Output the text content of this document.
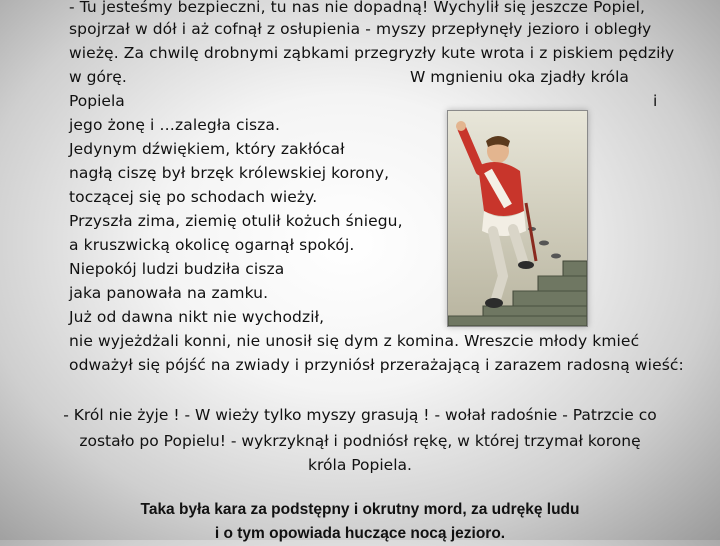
- Tu jesteśmy bezpieczni, tu nas nie dopadną! Wychylił się jeszcze Popiel,
spojrzał w dół i aż cofnął z osłupienia - myszy przepłynęły jezioro i obległy
wieżę. Za chwilę drobnymi ząbkami przegryzły kute wrota i z piskiem pędziły
w górę.	W mgnieniu oka zjadły króla
Popiela	i
jego żonę i …zaległa cisza.
Jedynym dźwiękiem, który zakłócał
nagłą ciszę był brzęk królewskiej korony,
toczącej się po schodach wieży.
Przyszła zima, ziemię otulił kożuch śniegu,
a kruszwicką okolicę ogarnął spokój.
Niepokój ludzi budziła cisza
jaka panowała na zamku.
Już od dawna nikt nie wychodził,
nie wyjeżdżali konni, nie unosił się dym z komina. Wreszcie młody kmieć
odważył się pójść na zwiady i przyniósł przerażającą i zarazem radosną wieść:
- Król nie żyje ! - W wieży tylko myszy grasują ! - wołał radośnie - Patrzcie co
zostało po Popielu! - wykrzyknął i podniósł rękę, w której trzymał koronę
króla Popiela.
Taka była kara za podstępny i okrutny mord, za udrękę ludu
i o tym opowiada huczące nocą jezioro.
